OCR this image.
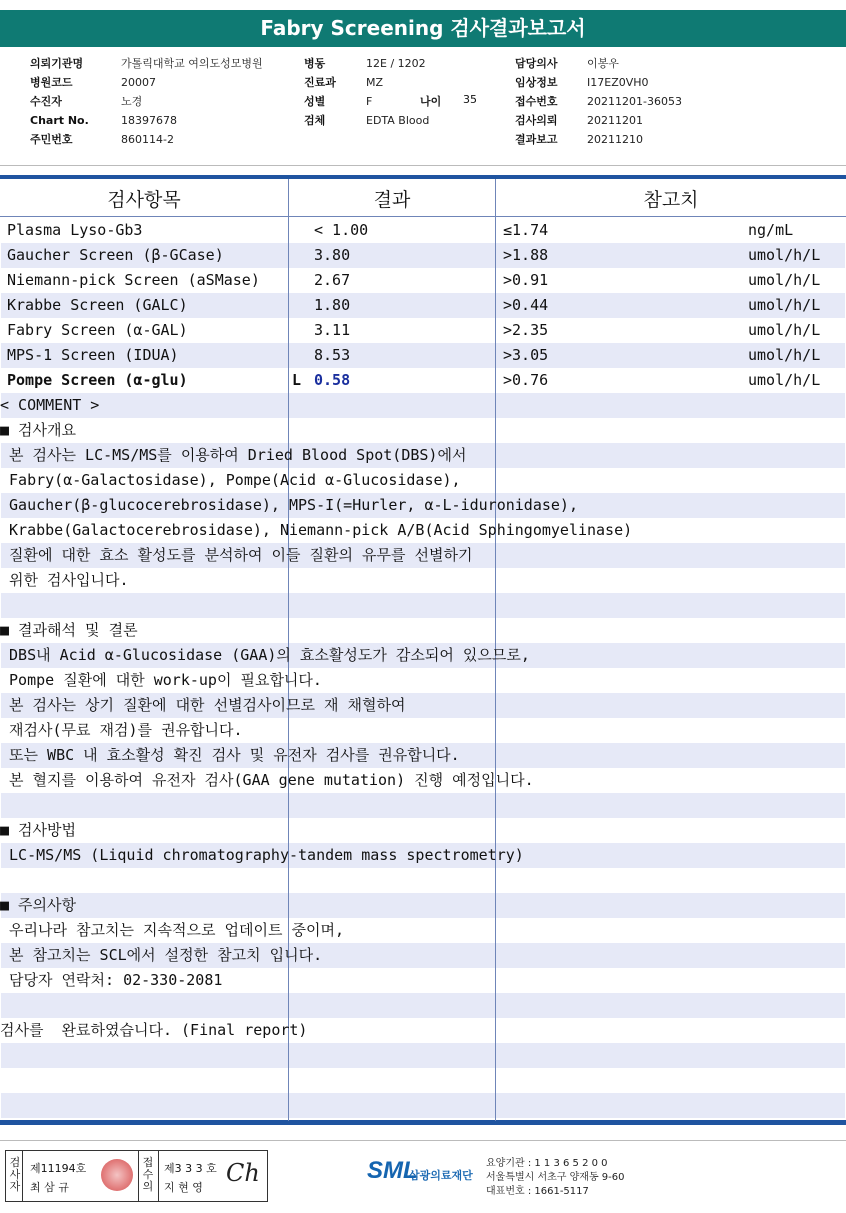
Fabry Screening 검사결과보고서
의뢰기관명	가톨릭대학교 여의도성모병원
병원코드	20007
수진자	노경
Chart No.	18397678
주민번호	860114-2
병동	12E / 1202
진료과	MZ
성별	F
검체	EDTA Blood
나이 35
담당의사	이봉우
임상정보	I17EZ0VH0
접수번호	20211201-36053
검사의뢰	20211201
결과보고	20211210
검사항목	결과	참고치
Plasma Lyso-Gb3	< 1.00	≤1.74	ng/mL
Gaucher Screen (β-GCase)	3.80	>1.88	umol/h/L
Niemann-pick Screen (aSMase)	2.67	>0.91	umol/h/L
Krabbe Screen (GALC)	1.80	>0.44	umol/h/L
Fabry Screen (α-GAL)	3.11	>2.35	umol/h/L
MPS-1 Screen (IDUA)	8.53	>3.05	umol/h/L
Pompe Screen (α-glu)	L 0.58	>0.76	umol/h/L
< COMMENT >
■ 검사개요
본 검사는 LC-MS/MS를 이용하여 Dried Blood Spot(DBS)에서
Fabry(α-Galactosidase), Pompe(Acid α-Glucosidase),
Gaucher(β-glucocerebrosidase), MPS-I(=Hurler, α-L-iduronidase),
Krabbe(Galactocerebrosidase), Niemann-pick A/B(Acid Sphingomyelinase)
질환에 대한 효소 활성도를 분석하여 이들 질환의 유무를 선별하기
위한 검사입니다.
■ 결과해석 및 결론
DBS내 Acid α-Glucosidase (GAA)의 효소활성도가 감소되어 있으므로,
Pompe 질환에 대한 work-up이 필요합니다.
본 검사는 상기 질환에 대한 선별검사이므로 재 채혈하여
재검사(무료 재검)를 권유합니다.
또는 WBC 내 효소활성 확진 검사 및 유전자 검사를 권유합니다.
본 혈지를 이용하여 유전자 검사(GAA gene mutation) 진행 예정입니다.
■ 검사방법
LC-MS/MS (Liquid chromatography-tandem mass spectrometry)
■ 주의사항
우리나라 참고치는 지속적으로 업데이트 중이며,
본 참고치는 SCL에서 설정한 참고치 입니다.
담당자 연락처: 02-330-2081
검사를  완료하였습니다. (Final report)
검사자
제11194호
최 삼 규
접수의
제3 3 3 호
지 현 영
Ch	SML
삼광의료재단
요양기관 : 1 1 3 6 5 2 0 0
서울특별시 서초구 양재동 9-60
대표번호 : 1661-5117
